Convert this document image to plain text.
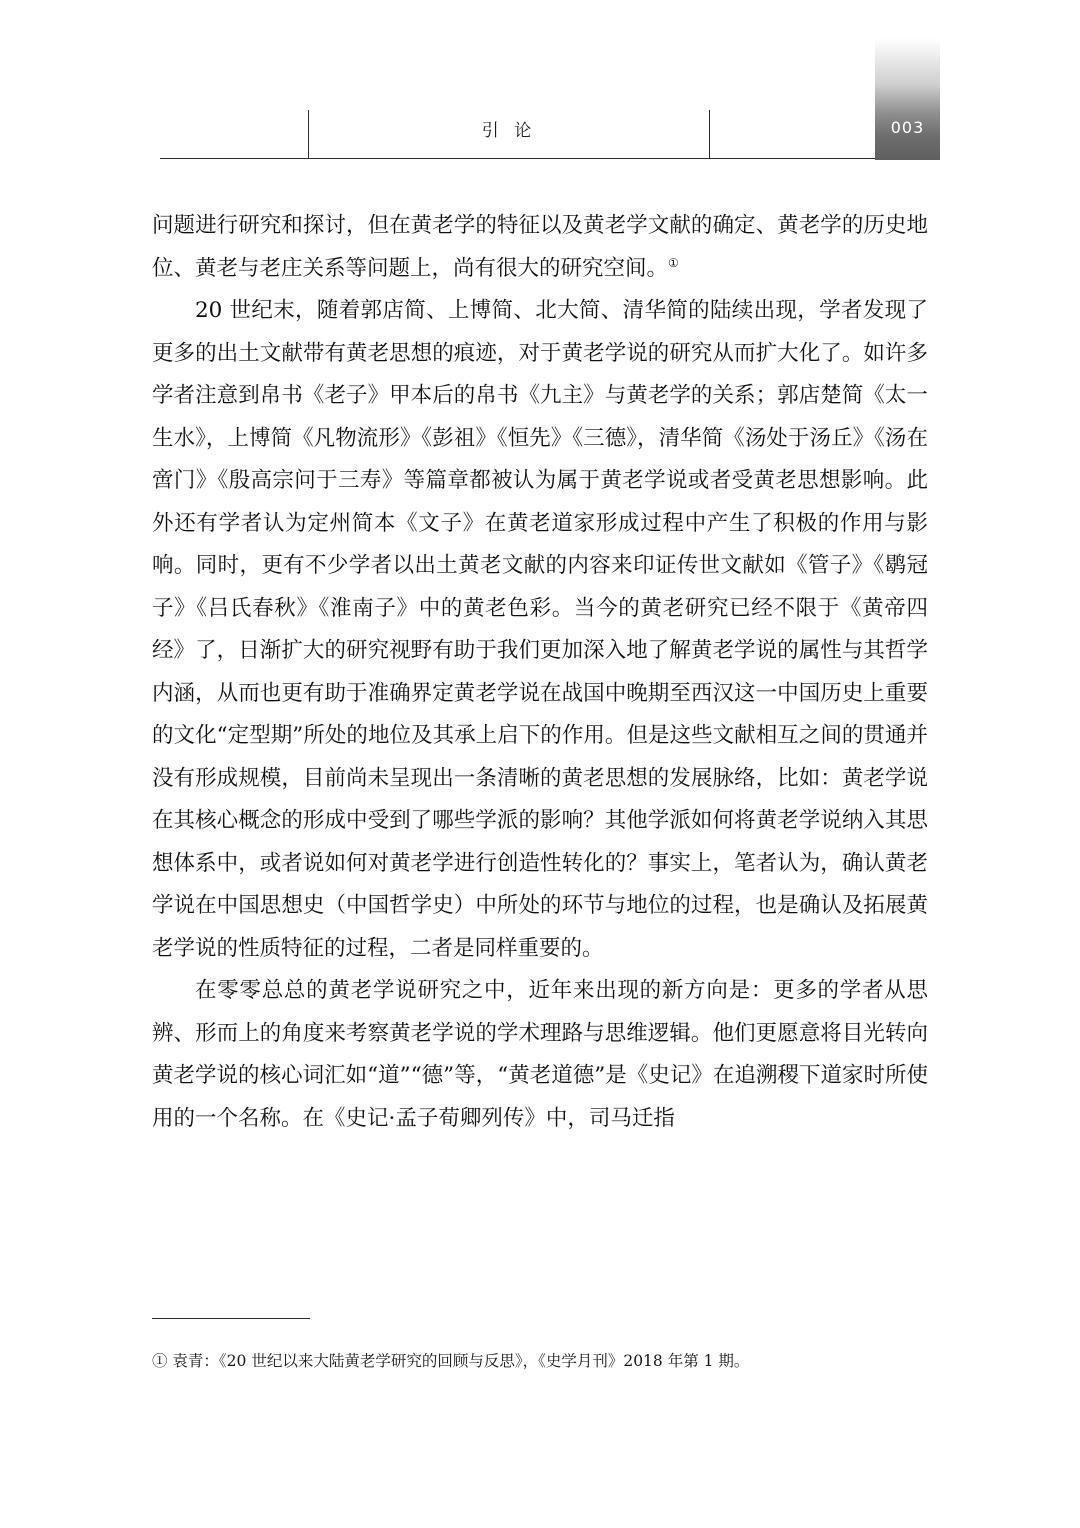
引 论	003

问题进行研究和探讨，但在黄老学的特征以及黄老学文献的确定、黄老学的历史地位、黄老与老庄关系等问题上，尚有很大的研究空间。①

20 世纪末，随着郭店简、上博简、北大简、清华简的陆续出现，学者发现了更多的出土文献带有黄老思想的痕迹，对于黄老学说的研究从而扩大化了。如许多学者注意到帛书《老子》甲本后的帛书《九主》与黄老学的关系；郭店楚简《太一生水》，上博简《凡物流形》《彭祖》《恒先》《三德》，清华简《汤处于汤丘》《汤在啻门》《殷高宗问于三寿》等篇章都被认为属于黄老学说或者受黄老思想影响。此外还有学者认为定州简本《文子》在黄老道家形成过程中产生了积极的作用与影响。同时，更有不少学者以出土黄老文献的内容来印证传世文献如《管子》《鹖冠子》《吕氏春秋》《淮南子》中的黄老色彩。当今的黄老研究已经不限于《黄帝四经》了，日渐扩大的研究视野有助于我们更加深入地了解黄老学说的属性与其哲学内涵，从而也更有助于准确界定黄老学说在战国中晚期至西汉这一中国历史上重要的文化“定型期”所处的地位及其承上启下的作用。但是这些文献相互之间的贯通并没有形成规模，目前尚未呈现出一条清晰的黄老思想的发展脉络，比如：黄老学说在其核心概念的形成中受到了哪些学派的影响？其他学派如何将黄老学说纳入其思想体系中，或者说如何对黄老学进行创造性转化的？事实上，笔者认为，确认黄老学说在中国思想史（中国哲学史）中所处的环节与地位的过程，也是确认及拓展黄老学说的性质特征的过程，二者是同样重要的。

在零零总总的黄老学说研究之中，近年来出现的新方向是：更多的学者从思辨、形而上的角度来考察黄老学说的学术理路与思维逻辑。他们更愿意将目光转向黄老学说的核心词汇如“道”“德”等，“黄老道德”是《史记》在追溯稷下道家时所使用的一个名称。在《史记·孟子荀卿列传》中，司马迁指

① 袁青：《20 世纪以来大陆黄老学研究的回顾与反思》，《史学月刊》2018 年第 1 期。
